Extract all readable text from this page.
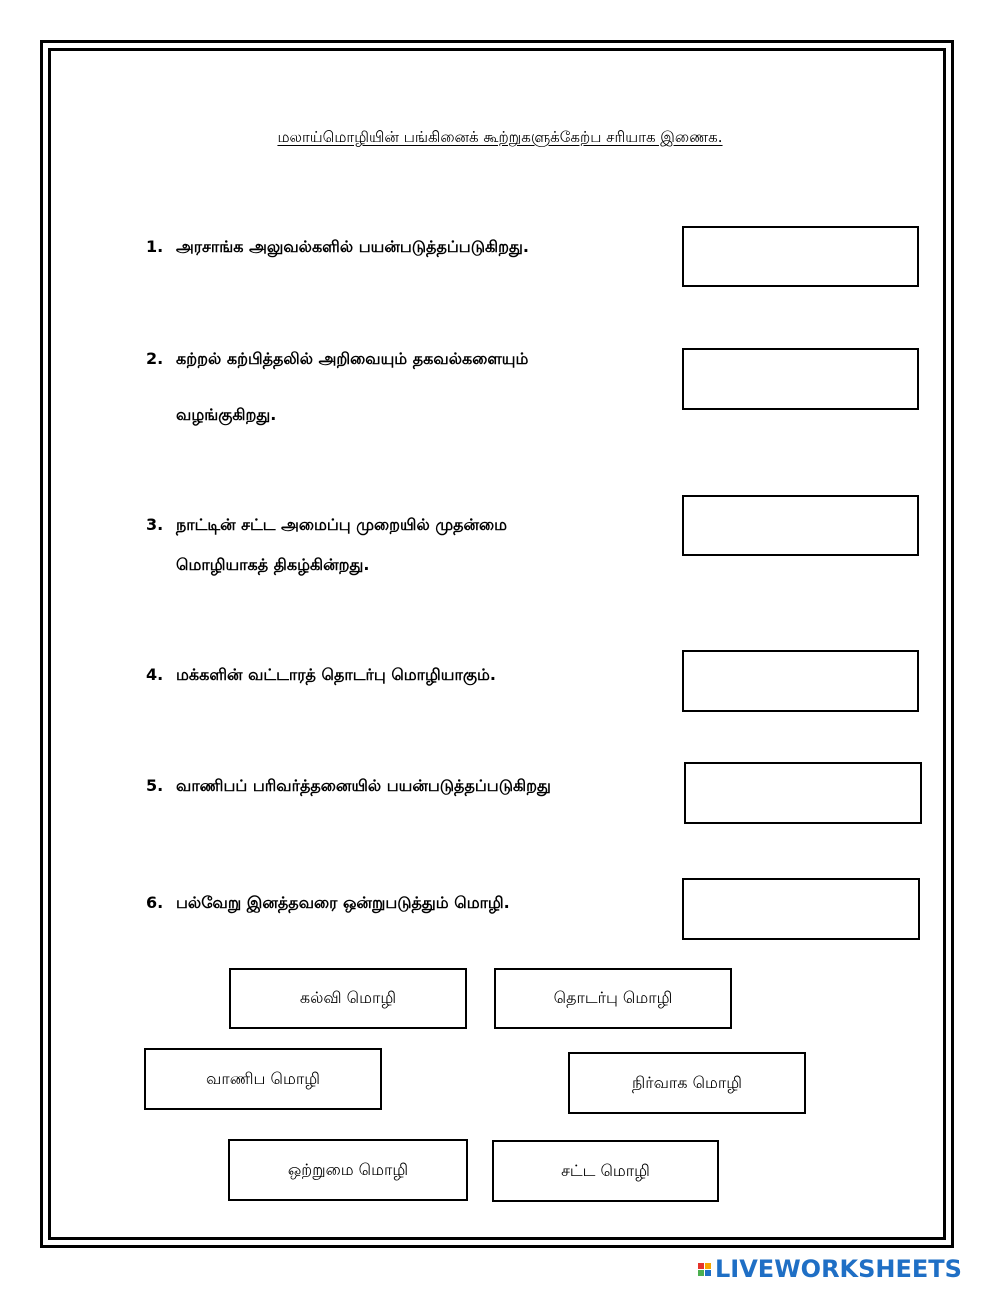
மலாய்மொழியின் பங்கினைக் கூற்றுகளுக்கேற்ப சரியாக இணைக.
1. அரசாங்க அலுவல்களில் பயன்படுத்தப்படுகிறது.
2. கற்றல் கற்பித்தலில் அறிவையும் தகவல்களையும்
வழங்குகிறது.
3. நாட்டின் சட்ட அமைப்பு முறையில் முதன்மை
மொழியாகத் திகழ்கின்றது.
4. மக்களின் வட்டாரத் தொடர்பு மொழியாகும்.
5. வாணிபப் பரிவர்த்தனையில் பயன்படுத்தப்படுகிறது
6. பல்வேறு இனத்தவரை ஒன்றுபடுத்தும் மொழி.
கல்வி மொழி	தொடர்பு மொழி
வாணிப மொழி	நிர்வாக மொழி
ஒற்றுமை மொழி	சட்ட மொழி
LIVEWORKSHEETS
